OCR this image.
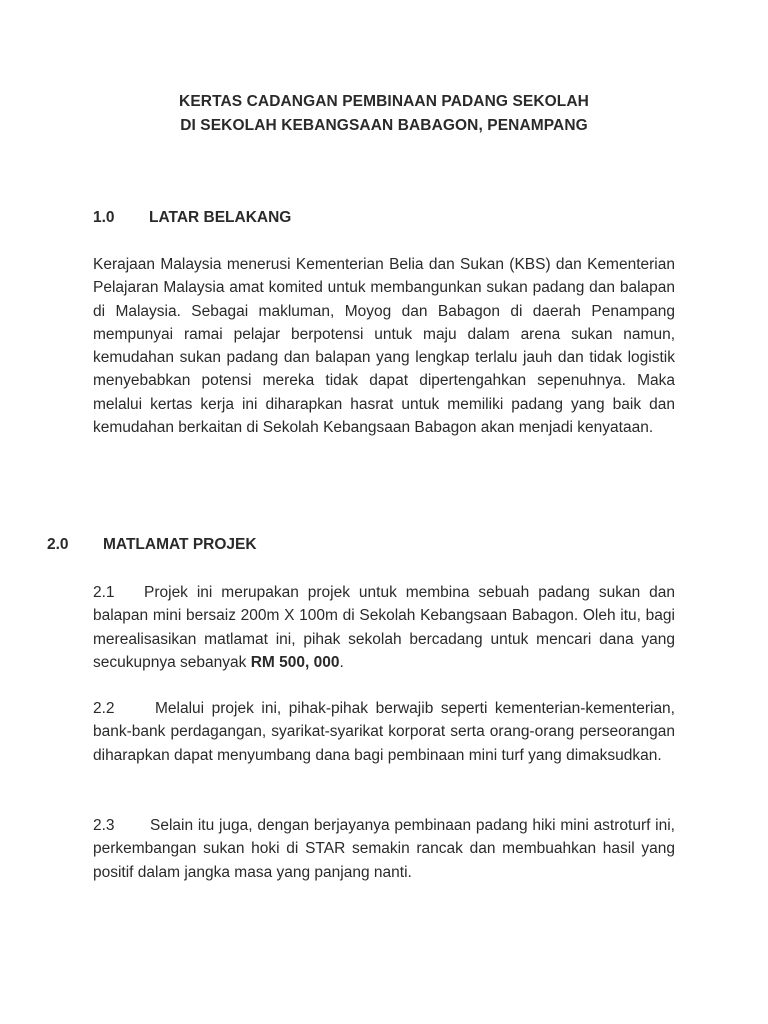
KERTAS CADANGAN PEMBINAAN PADANG SEKOLAH
DI SEKOLAH KEBANGSAAN BABAGON, PENAMPANG
1.0 LATAR BELAKANG

Kerajaan Malaysia menerusi Kementerian Belia dan Sukan (KBS) dan Kementerian Pelajaran Malaysia amat komited untuk membangunkan sukan padang dan balapan di Malaysia. Sebagai makluman, Moyog dan Babagon di daerah Penampang mempunyai ramai pelajar berpotensi untuk maju dalam arena sukan namun, kemudahan sukan padang dan balapan yang lengkap terlalu jauh dan tidak logistik menyebabkan potensi mereka tidak dapat dipertengahkan sepenuhnya. Maka melalui kertas kerja ini diharapkan hasrat untuk memiliki padang yang baik dan kemudahan berkaitan di Sekolah Kebangsaan Babagon akan menjadi kenyataan.

2.0 MATLAMAT PROJEK

2.1 Projek ini merupakan projek untuk membina sebuah padang sukan dan balapan mini bersaiz 200m X 100m di Sekolah Kebangsaan Babagon. Oleh itu, bagi merealisasikan matlamat ini, pihak sekolah bercadang untuk mencari dana yang secukupnya sebanyak RM 500, 000.

2.2	Melalui projek ini, pihak-pihak berwajib seperti kementerian-kementerian, bank-bank perdagangan, syarikat-syarikat korporat serta orang-orang perseorangan diharapkan dapat menyumbang dana bagi pembinaan mini turf yang dimaksudkan.

2.3 Selain itu juga, dengan berjayanya pembinaan padang hiki mini astroturf ini, perkembangan sukan hoki di STAR semakin rancak dan membuahkan hasil yang positif dalam jangka masa yang panjang nanti.
